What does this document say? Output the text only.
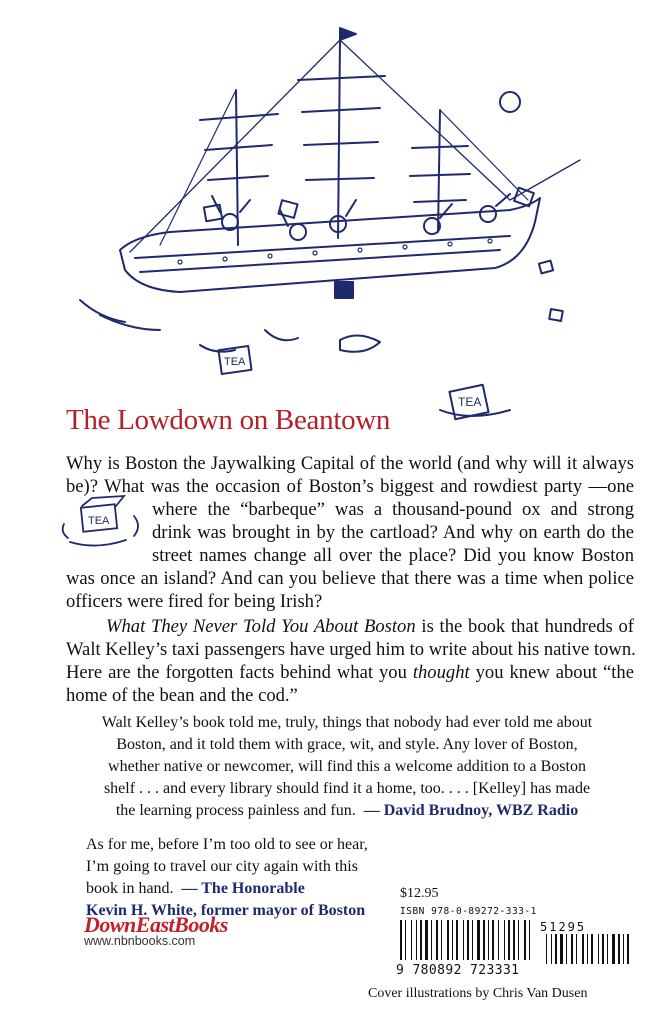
TEA
TEA
TEA
The Lowdown on Beantown

Why is Boston the Jaywalking Capital of the world (and why will it always

be)? What was the occasion of Boston’s biggest and rowdiest party —one

where the “barbeque” was a thousand-pound ox and strong

drink was brought in by the cartload? And why on earth do the

street names change all over the place? Did you know Boston

was once an island? And can you believe that there was a time when police

officers were fired for being Irish?

What They Never Told You About Boston is the book that hundreds of

Walt Kelley’s taxi passengers have urged him to write about his native town.

Here are the forgotten facts behind what you thought you knew about “the

home of the bean and the cod.”

Walt Kelley’s book told me, truly, things that nobody had ever told me about

Boston, and it told them with grace, wit, and style. Any lover of Boston,

whether native or newcomer, will find this a welcome addition to a Boston

shelf . . . and every library should find it a home, too. . . . [Kelley] has made

the learning process painless and fun. — David Brudnoy, WBZ Radio

As for me, before I’m too old to see or hear,

I’m going to travel our city again with this

book in hand. — The Honorable

Kevin H. White, former mayor of Boston

DownEastBooks
www.nbnbooks.com
$12.95
ISBN 978-0-89272-333-1
9 780892 723331
51295
Cover illustrations by Chris Van Dusen
